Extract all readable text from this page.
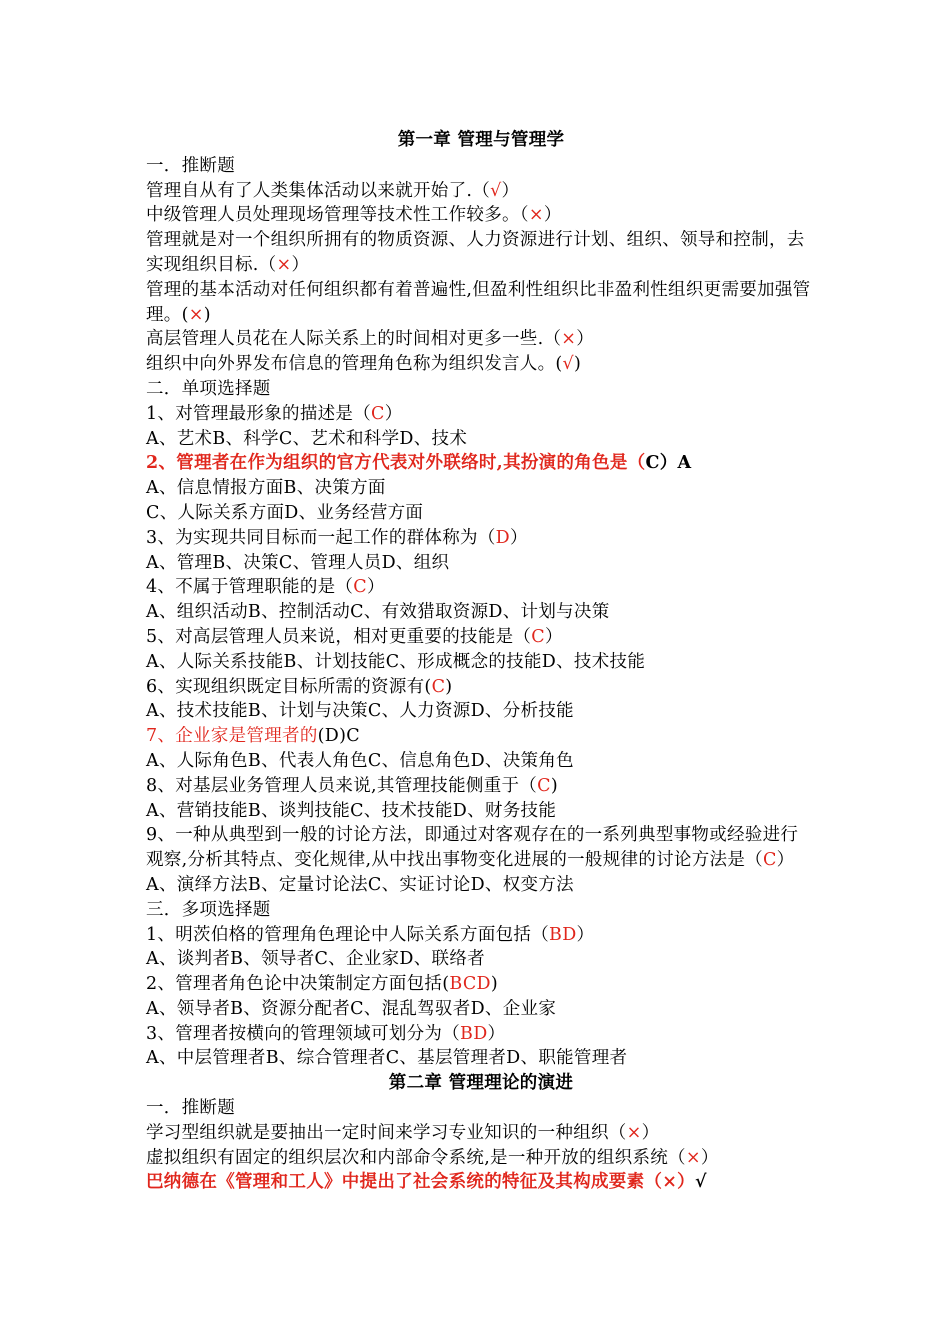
第一章 管理与管理学
一．推断题
管理自从有了人类集体活动以来就开始了.（√）
中级管理人员处理现场管理等技术性工作较多。（×）
管理就是对一个组织所拥有的物质资源、人力资源进行计划、组织、领导和控制，去实现组织目标.（×）
管理的基本活动对任何组织都有着普遍性,但盈利性组织比非盈利性组织更需要加强管理。(×)
高层管理人员花在人际关系上的时间相对更多一些.（×）
组织中向外界发布信息的管理角色称为组织发言人。(√)
二．单项选择题
1、对管理最形象的描述是（C）
A、艺术B、科学C、艺术和科学D、技术
2、管理者在作为组织的官方代表对外联络时,其扮演的角色是（C）A
A、信息情报方面B、决策方面
C、人际关系方面D、业务经营方面
3、为实现共同目标而一起工作的群体称为（D）
A、管理B、决策C、管理人员D、组织
4、不属于管理职能的是（C）
A、组织活动B、控制活动C、有效猎取资源D、计划与决策
5、对高层管理人员来说，相对更重要的技能是（C）
A、人际关系技能B、计划技能C、形成概念的技能D、技术技能
6、实现组织既定目标所需的资源有(C)
A、技术技能B、计划与决策C、人力资源D、分析技能
7、企业家是管理者的(D)C
A、人际角色B、代表人角色C、信息角色D、决策角色
8、对基层业务管理人员来说,其管理技能侧重于（C)
A、营销技能B、谈判技能C、技术技能D、财务技能
9、一种从典型到一般的讨论方法，即通过对客观存在的一系列典型事物或经验进行观察,分析其特点、变化规律,从中找出事物变化进展的一般规律的讨论方法是（C）
A、演绎方法B、定量讨论法C、实证讨论D、权变方法
三．多项选择题
1、明茨伯格的管理角色理论中人际关系方面包括（BD）
A、谈判者B、领导者C、企业家D、联络者
2、管理者角色论中决策制定方面包括(BCD)
A、领导者B、资源分配者C、混乱驾驭者D、企业家
3、管理者按横向的管理领域可划分为（BD）
A、中层管理者B、综合管理者C、基层管理者D、职能管理者
第二章 管理理论的演进
一．推断题
学习型组织就是要抽出一定时间来学习专业知识的一种组织（×）
虚拟组织有固定的组织层次和内部命令系统,是一种开放的组织系统（×）
巴纳德在《管理和工人》中提出了社会系统的特征及其构成要素（×）√
